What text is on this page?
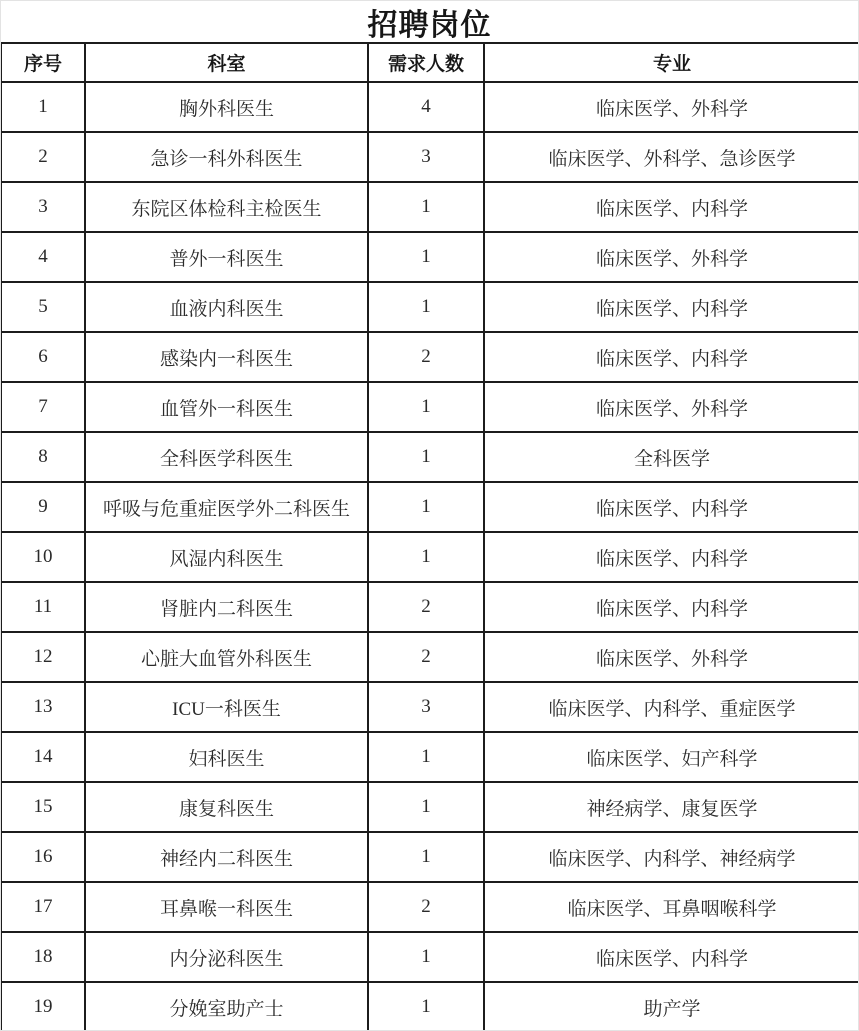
招聘岗位
序号	科室	需求人数	专业
1	胸外科医生	4	临床医学、外科学
2	急诊一科外科医生	3	临床医学、外科学、急诊医学
3	东院区体检科主检医生	1	临床医学、内科学
4	普外一科医生	1	临床医学、外科学
5	血液内科医生	1	临床医学、内科学
6	感染内一科医生	2	临床医学、内科学
7	血管外一科医生	1	临床医学、外科学
8	全科医学科医生	1	全科医学
9	呼吸与危重症医学外二科医生	1	临床医学、内科学
10	风湿内科医生	1	临床医学、内科学
11	肾脏内二科医生	2	临床医学、内科学
12	心脏大血管外科医生	2	临床医学、外科学
13	ICU一科医生	3	临床医学、内科学、重症医学
14	妇科医生	1	临床医学、妇产科学
15	康复科医生	1	神经病学、康复医学
16	神经内二科医生	1	临床医学、内科学、神经病学
17	耳鼻喉一科医生	2	临床医学、耳鼻咽喉科学
18	内分泌科医生	1	临床医学、内科学
19	分娩室助产士	1	助产学
